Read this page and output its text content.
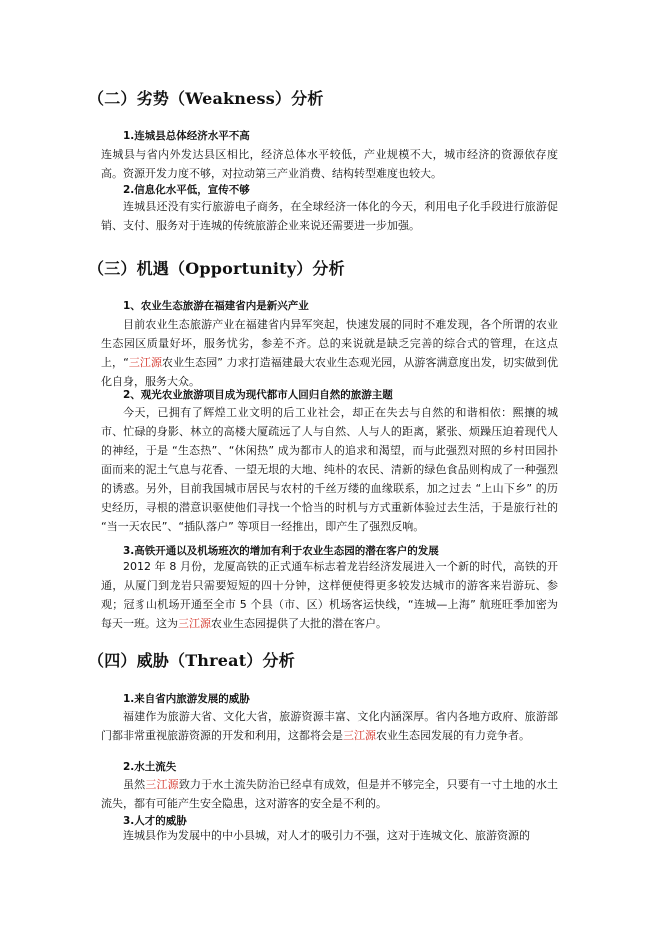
（二）劣势（Weakness）分析
1.连城县总体经济水平不高

连城县与省内外发达县区相比，经济总体水平较低，产业规模不大，城市经济的资源依存度高。资源开发力度不够，对拉动第三产业消费、结构转型难度也较大。

2.信息化水平低，宣传不够

连城县还没有实行旅游电子商务，在全球经济一体化的今天，利用电子化手段进行旅游促销、支付、服务对于连城的传统旅游企业来说还需要进一步加强。

（三）机遇（Opportunity）分析
1、农业生态旅游在福建省内是新兴产业

目前农业生态旅游产业在福建省内异军突起，快速发展的同时不难发现，各个所谓的农业生态园区质量好坏，服务忧劣，参差不齐。总的来说就是缺乏完善的综合式的管理，在这点上，“三江源农业生态园” 力求打造福建最大农业生态观光园，从游客满意度出发，切实做到优化自身，服务大众。

2、观光农业旅游项目成为现代都市人回归自然的旅游主题

今天，已拥有了辉煌工业文明的后工业社会，却正在失去与自然的和谐相依：熙攘的城市、忙碌的身影、林立的高楼大厦疏远了人与自然、人与人的距离，紧张、烦躁压迫着现代人的神经，于是 “生态热”、“休闲热” 成为都市人的追求和渴望，而与此强烈对照的乡村田园扑面而来的泥土气息与花香、一望无垠的大地、纯朴的农民、清新的绿色食品则构成了一种强烈的诱惑。另外，目前我国城市居民与农村的千丝万缕的血缘联系，加之过去 “上山下乡” 的历史经历，寻根的潜意识驱使他们寻找一个恰当的时机与方式重新体验过去生活，于是旅行社的 “当一天农民”、“插队落户” 等项目一经推出，即产生了强烈反响。

3.高铁开通以及机场班次的增加有利于农业生态园的潜在客户的发展

2012 年 8 月份，龙厦高铁的正式通车标志着龙岩经济发展进入一个新的时代，高铁的开通，从厦门到龙岩只需要短短的四十分钟，这样便使得更多较发达城市的游客来岩游玩、参观；冠豸山机场开通至全市 5 个县（市、区）机场客运快线，“连城—上海” 航班旺季加密为每天一班。这为三江源农业生态园提供了大批的潜在客户。

（四）威胁（Threat）分析
1.来自省内旅游发展的威胁

福建作为旅游大省、文化大省，旅游资源丰富、文化内涵深厚。省内各地方政府、旅游部门都非常重视旅游资源的开发和利用，这都将会是三江源农业生态园发展的有力竞争者。

2.水土流失

虽然三江源致力于水土流失防治已经卓有成效，但是并不够完全，只要有一寸土地的水土流失，都有可能产生安全隐患，这对游客的安全是不利的。

3.人才的威胁

连城县作为发展中的中小县城，对人才的吸引力不强，这对于连城文化、旅游资源的
